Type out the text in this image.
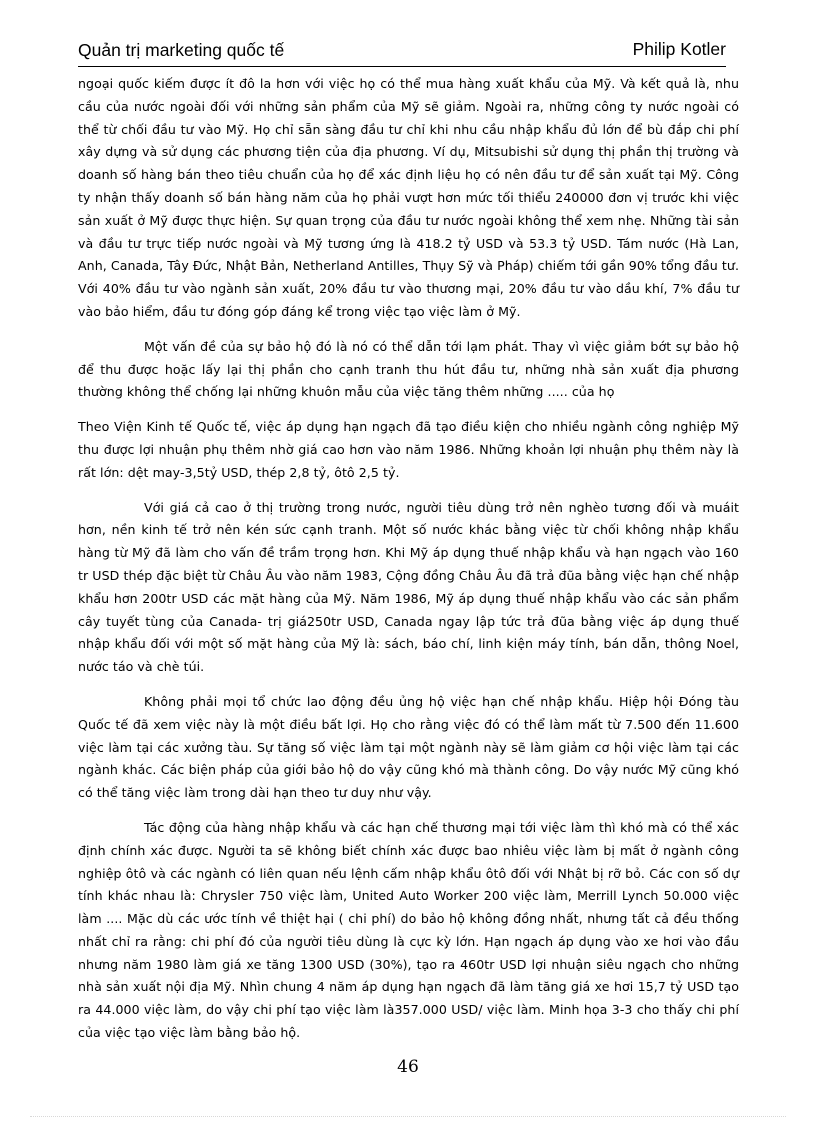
Quản trị marketing quốc tế	Philip Kotler

ngoại quốc kiếm được ít đô la hơn với việc họ có thể mua hàng xuất khẩu của Mỹ. Và kết quả là, nhu cầu của nước ngoài đối với những sản phẩm của Mỹ sẽ giảm. Ngoài ra, những công ty nước ngoài có thể từ chối đầu tư vào Mỹ. Họ chỉ sẵn sàng đầu tư chỉ khi nhu cầu nhập khẩu đủ lớn để bù đắp chi phí xây dựng và sử dụng các phương tiện của địa phương. Ví dụ, Mitsubishi sử dụng thị phần thị trường và doanh số hàng bán theo tiêu chuẩn của họ để xác định liệu họ có nên đầu tư để sản xuất tại Mỹ. Công ty nhận thấy doanh số bán hàng năm của họ phải vượt hơn mức tối thiểu 240000 đơn vị trước khi việc sản xuất ở Mỹ được thực hiện. Sự quan trọng của đầu tư nước ngoài không thể xem nhẹ. Những tài sản và đầu tư trực tiếp nước ngoài và Mỹ tương ứng là 418.2 tỷ USD và 53.3 tỷ USD. Tám nước (Hà Lan, Anh, Canada, Tây Đức, Nhật Bản, Netherland Antilles, Thụy Sỹ và Pháp) chiếm tới gần 90% tổng đầu tư. Với 40% đầu tư vào ngành sản xuất, 20% đầu tư vào thương mại, 20% đầu tư vào dầu khí, 7% đầu tư vào bảo hiểm, đầu tư đóng góp đáng kể trong việc tạo việc làm ở Mỹ.

Một vấn đề của sự bảo hộ đó là nó có thể dẫn tới lạm phát. Thay vì việc giảm bớt sự bảo hộ để thu được hoặc lấy lại thị phần cho cạnh tranh thu hút đầu tư, những nhà sản xuất địa phương thường không thể chống lại những khuôn mẫu của việc tăng thêm những ..... của họ

Theo Viện Kinh tế Quốc tế, việc áp dụng hạn ngạch đã tạo điều kiện cho nhiều ngành công nghiệp Mỹ thu được lợi nhuận phụ thêm nhờ giá cao hơn vào năm 1986. Những khoản lợi nhuận phụ thêm này là rất lớn: dệt may-3,5tỷ USD, thép 2,8 tỷ, ôtô 2,5 tỷ.

Với giá cả cao ở thị trường trong nước, người tiêu dùng trở nên nghèo tương đối và muáit hơn, nền kinh tế trở nên kén sức cạnh tranh. Một số nước khác bằng việc từ chối không nhập khẩu hàng từ Mỹ đã làm cho vấn đề trầm trọng hơn. Khi Mỹ áp dụng thuế nhập khẩu và hạn ngạch vào 160 tr USD thép đặc biệt từ Châu Âu vào năm 1983, Cộng đồng Châu Âu đã trả đũa bằng việc hạn chế nhập khẩu hơn 200tr USD các mặt hàng của Mỹ. Năm 1986, Mỹ áp dụng thuế nhập khẩu vào các sản phẩm cây tuyết tùng của Canada- trị giá250tr USD, Canada ngay lập tức trả đũa bằng việc áp dụng thuế nhập khẩu đối với một số mặt hàng của Mỹ là: sách, báo chí, linh kiện máy tính, bán dẫn, thông Noel, nước táo và chè túi.

Không phải mọi tổ chức lao động đều ủng hộ việc hạn chế nhập khẩu. Hiệp hội Đóng tàu Quốc tế đã xem việc này là một điều bất lợi. Họ cho rằng việc đó có thể làm mất từ 7.500 đến 11.600 việc làm tại các xưởng tàu. Sự tăng số việc làm tại một ngành này sẽ làm giảm cơ hội việc làm tại các ngành khác. Các biện pháp của giới bảo hộ do vậy cũng khó mà thành công. Do vậy nước Mỹ cũng khó có thể tăng việc làm trong dài hạn theo tư duy như vậy.

Tác động của hàng nhập khẩu và các hạn chế thương mại tới việc làm thì khó mà có thể xác định chính xác được. Người ta sẽ không biết chính xác được bao nhiêu việc làm bị mất ở ngành công nghiệp ôtô và các ngành có liên quan nếu lệnh cấm nhập khẩu ôtô đối với Nhật bị rỡ bỏ. Các con số dự tính khác nhau là: Chrysler 750 việc làm, United Auto Worker 200 việc làm, Merrill Lynch 50.000 việc làm .... Mặc dù các ước tính về thiệt hại ( chi phí) do bảo hộ không đồng nhất, nhưng tất cả đều thống nhất chỉ ra rằng: chi phí đó của người tiêu dùng là cực kỳ lớn. Hạn ngạch áp dụng vào xe hơi vào đầu nhưng năm 1980 làm giá xe tăng 1300 USD (30%), tạo ra 460tr USD lợi nhuận siêu ngạch cho những nhà sản xuất nội địa Mỹ. Nhìn chung 4 năm áp dụng hạn ngạch đã làm tăng giá xe hơi 15,7 tỷ USD tạo ra 44.000 việc làm, do vậy chi phí tạo việc làm là357.000 USD/ việc làm. Minh họa 3-3 cho thấy chi phí của việc tạo việc làm bằng bảo hộ.

46
